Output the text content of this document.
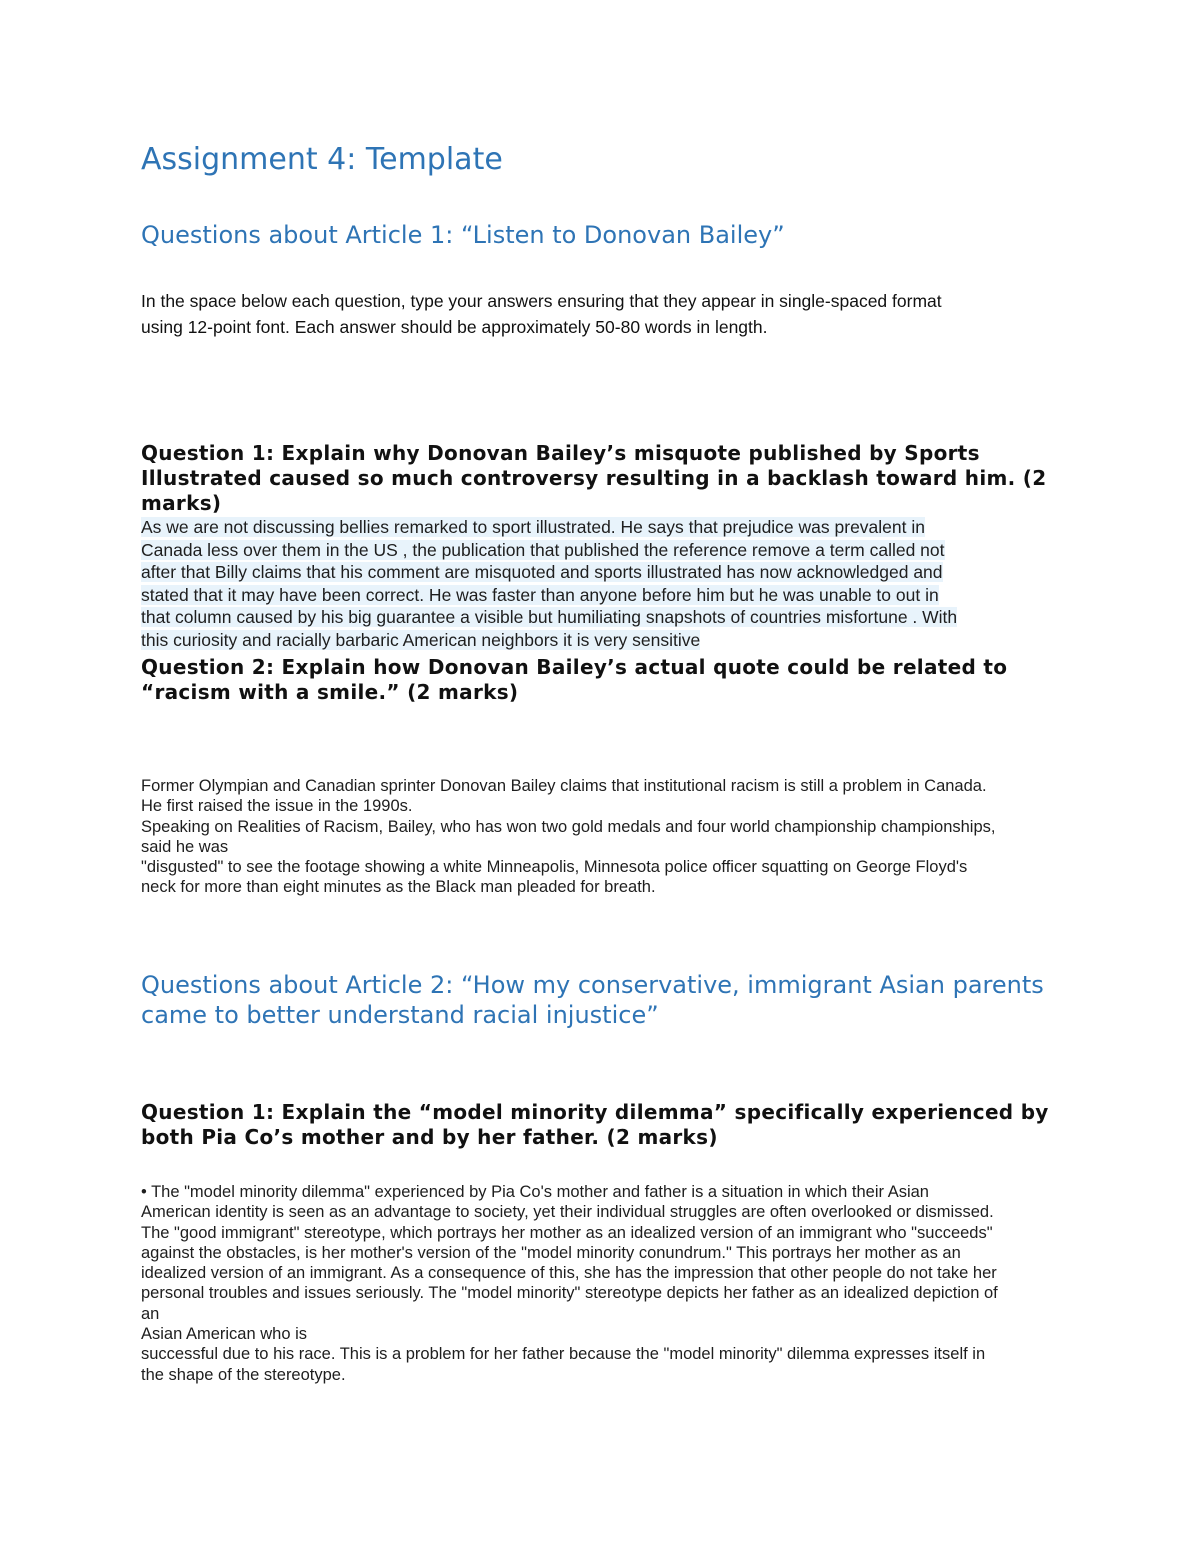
Assignment 4: Template
Questions about Article 1: “Listen to Donovan Bailey”
In the space below each question, type your answers ensuring that they appear in single-spaced format
using 12-point font. Each answer should be approximately 50-80 words in length.
Question 1: Explain why Donovan Bailey’s misquote published by Sports Illustrated caused so much controversy resulting in a backlash toward him. (2 marks)
As we are not discussing bellies remarked to sport illustrated. He says that prejudice was prevalent in
Canada less over them in the US , the publication that published the reference remove a term called not
after that Billy claims that his comment are misquoted and sports illustrated has now acknowledged and
stated that it may have been correct. He was faster than anyone before him but he was unable to out in
that column caused by his big guarantee a visible but humiliating snapshots of countries misfortune . With
this curiosity and racially barbaric American neighbors it is very sensitive
Question 2: Explain how Donovan Bailey’s actual quote could be related to “racism with a smile.” (2 marks)
Former Olympian and Canadian sprinter Donovan Bailey claims that institutional racism is still a problem in Canada.
He first raised the issue in the 1990s.
Speaking on Realities of Racism, Bailey, who has won two gold medals and four world championship championships,
said he was
"disgusted" to see the footage showing a white Minneapolis, Minnesota police officer squatting on George Floyd's
neck for more than eight minutes as the Black man pleaded for breath.
Questions about Article 2: “How my conservative, immigrant Asian parents came to better understand racial injustice”
Question 1: Explain the “model minority dilemma” specifically experienced by both Pia Co’s mother and by her father. (2 marks)
• The "model minority dilemma" experienced by Pia Co's mother and father is a situation in which their Asian
American identity is seen as an advantage to society, yet their individual struggles are often overlooked or dismissed.
The "good immigrant" stereotype, which portrays her mother as an idealized version of an immigrant who "succeeds"
against the obstacles, is her mother's version of the "model minority conundrum." This portrays her mother as an
idealized version of an immigrant. As a consequence of this, she has the impression that other people do not take her
personal troubles and issues seriously. The "model minority" stereotype depicts her father as an idealized depiction of
an
Asian American who is
successful due to his race. This is a problem for her father because the "model minority" dilemma expresses itself in
the shape of the stereotype.
